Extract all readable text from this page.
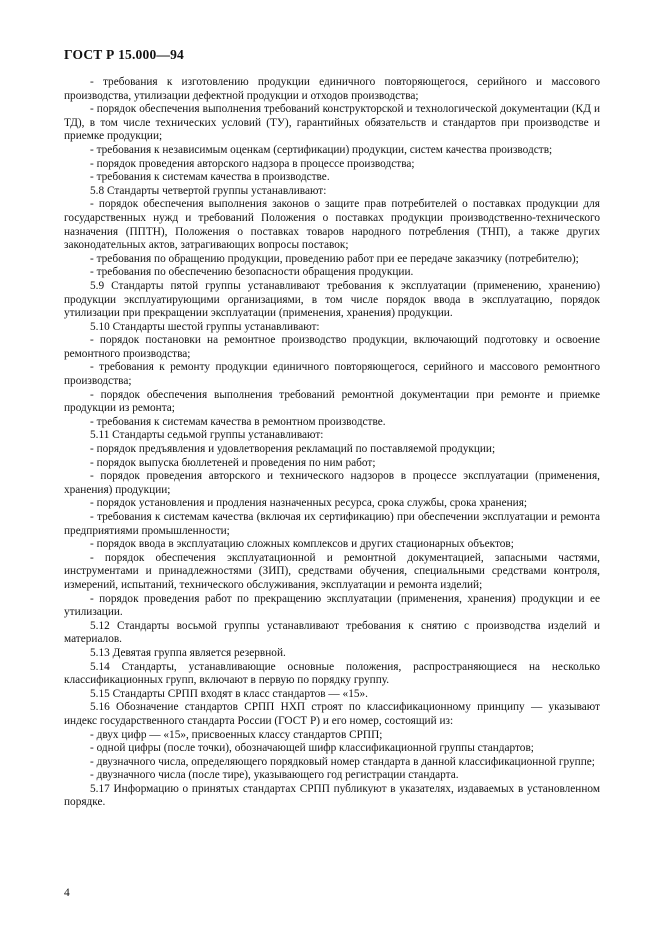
ГОСТ Р 15.000—94

- требования к изготовлению продукции единичного повторяющегося, серийного и массового производства, утилизации дефектной продукции и отходов производства;

- порядок обеспечения выполнения требований конструкторской и технологической документации (КД и ТД), в том числе технических условий (ТУ), гарантийных обязательств и стандартов при производстве и приемке продукции;

- требования к независимым оценкам (сертификации) продукции, систем качества производств;

- порядок проведения авторского надзора в процессе производства;

- требования к системам качества в производстве.

5.8 Стандарты четвертой группы устанавливают:

- порядок обеспечения выполнения законов о защите прав потребителей о поставках продукции для государственных нужд и требований Положения о поставках продукции производственно-технического назначения (ППТН), Положения о поставках товаров народного потребления (ТНП), а также других законодательных актов, затрагивающих вопросы поставок;

- требования по обращению продукции, проведению работ при ее передаче заказчику (потребителю);

- требования по обеспечению безопасности обращения продукции.

5.9 Стандарты пятой группы устанавливают требования к эксплуатации (применению, хранению) продукции эксплуатирующими организациями, в том числе порядок ввода в эксплуатацию, порядок утилизации при прекращении эксплуатации (применения, хранения) продукции.

5.10 Стандарты шестой группы устанавливают:

- порядок постановки на ремонтное производство продукции, включающий подготовку и освоение ремонтного производства;

- требования к ремонту продукции единичного повторяющегося, серийного и массового ремонтного производства;

- порядок обеспечения выполнения требований ремонтной документации при ремонте и приемке продукции из ремонта;

- требования к системам качества в ремонтном производстве.

5.11 Стандарты седьмой группы устанавливают:

- порядок предъявления и удовлетворения рекламаций по поставляемой продукции;

- порядок выпуска бюллетеней и проведения по ним работ;

- порядок проведения авторского и технического надзоров в процессе эксплуатации (применения, хранения) продукции;

- порядок установления и продления назначенных ресурса, срока службы, срока хранения;

- требования к системам качества (включая их сертификацию) при обеспечении эксплуатации и ремонта предприятиями промышленности;

- порядок ввода в эксплуатацию сложных комплексов и других стационарных объектов;

- порядок обеспечения эксплуатационной и ремонтной документацией, запасными частями, инструментами и принадлежностями (ЗИП), средствами обучения, специальными средствами контроля, измерений, испытаний, технического обслуживания, эксплуатации и ремонта изделий;

- порядок проведения работ по прекращению эксплуатации (применения, хранения) продукции и ее утилизации.

5.12 Стандарты восьмой группы устанавливают требования к снятию с производства изделий и материалов.

5.13 Девятая группа является резервной.

5.14 Стандарты, устанавливающие основные положения, распространяющиеся на несколько классификационных групп, включают в первую по порядку группу.

5.15 Стандарты СРПП входят в класс стандартов — «15».

5.16 Обозначение стандартов СРПП НХП строят по классификационному принципу — указывают индекс государственного стандарта России (ГОСТ Р) и его номер, состоящий из:

- двух цифр — «15», присвоенных классу стандартов СРПП;

- одной цифры (после точки), обозначающей шифр классификационной группы стандартов;

- двузначного числа, определяющего порядковый номер стандарта в данной классификационной группе;

- двузначного числа (после тире), указывающего год регистрации стандарта.

5.17 Информацию о принятых стандартах СРПП публикуют в указателях, издаваемых в установленном порядке.

4
